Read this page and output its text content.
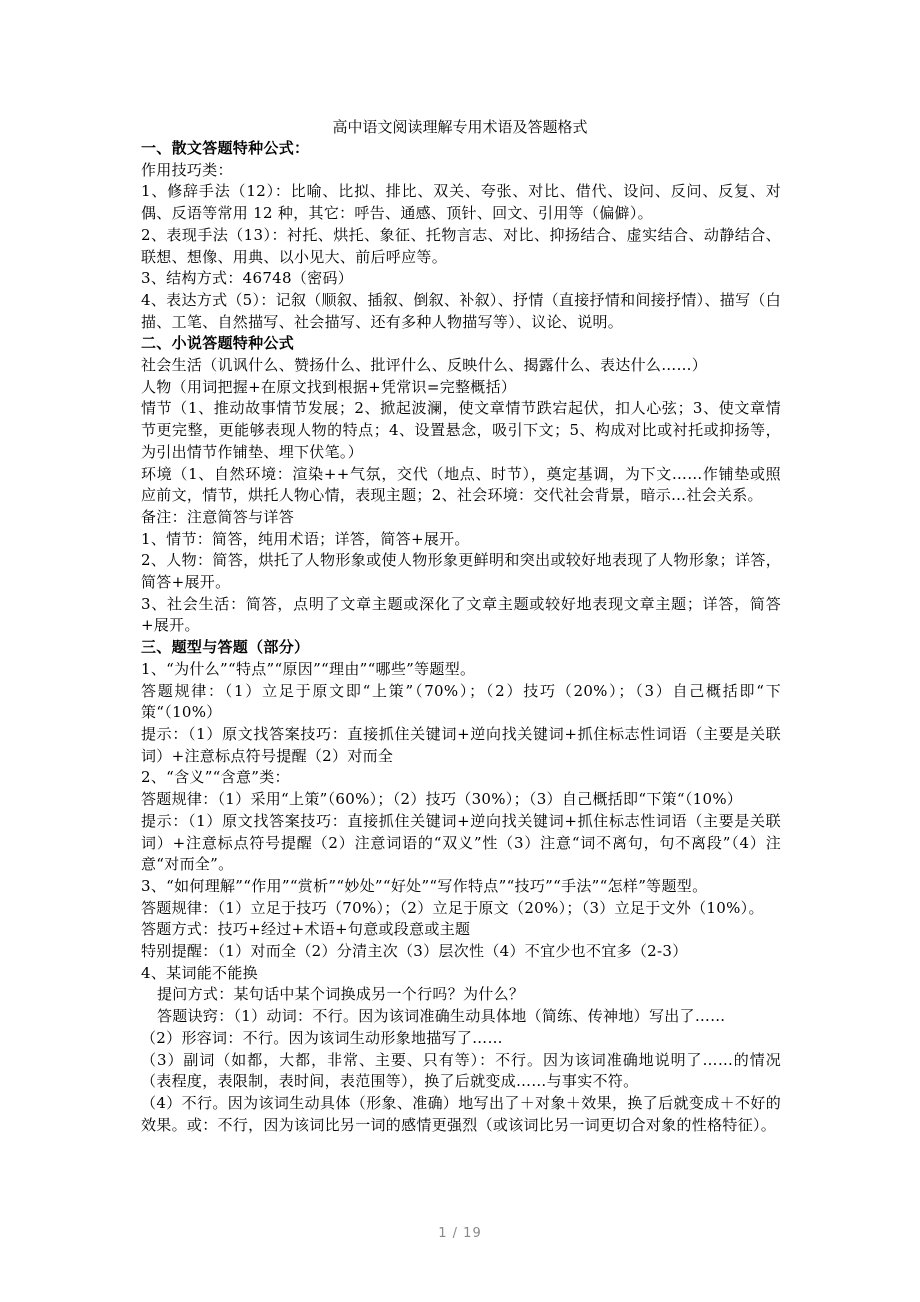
高中语文阅读理解专用术语及答题格式

一、散文答题特种公式：

作用技巧类：

1、修辞手法（12）：比喻、比拟、排比、双关、夸张、对比、借代、设问、反问、反复、对偶、反语等常用 12 种，其它：呼告、通感、顶针、回文、引用等（偏僻）。

2、表现手法（13）：衬托、烘托、象征、托物言志、对比、抑扬结合、虚实结合、动静结合、联想、想像、用典、以小见大、前后呼应等。

3、结构方式：46748（密码）

4、表达方式（5）：记叙（顺叙、插叙、倒叙、补叙）、抒情（直接抒情和间接抒情）、描写（白描、工笔、自然描写、社会描写、还有多种人物描写等）、议论、说明。

二、小说答题特种公式

社会生活（讥讽什么、赞扬什么、批评什么、反映什么、揭露什么、表达什么……）

人物（用词把握+在原文找到根据+凭常识=完整概括）

情节（1、推动故事情节发展；2、掀起波澜，使文章情节跌宕起伏，扣人心弦；3、使文章情节更完整，更能够表现人物的特点；4、设置悬念，吸引下文；5、构成对比或衬托或抑扬等，为引出情节作铺垫、埋下伏笔。）

环境（1、自然环境：渲染++气氛，交代（地点、时节），奠定基调，为下文……作铺垫或照应前文，情节，烘托人物心情，表现主题；2、社会环境：交代社会背景，暗示…社会关系。

备注：注意简答与详答

1、情节：简答，纯用术语；详答，简答+展开。

2、人物：简答，烘托了人物形象或使人物形象更鲜明和突出或较好地表现了人物形象；详答，简答+展开。

3、社会生活：简答，点明了文章主题或深化了文章主题或较好地表现文章主题；详答，简答+展开。

三、题型与答题（部分）

1、“为什么”“特点”“原因”“理由”“哪些”等题型。

答题规律：（1）立足于原文即“上策”（70%）；（2）技巧（20%）；（3）自己概括即“下策“（10%）

提示：（1）原文找答案技巧：直接抓住关键词+逆向找关键词+抓住标志性词语（主要是关联词）+注意标点符号提醒（2）对而全

2、“含义”“含意”类：

答题规律：（1）采用“上策”（60%）；（2）技巧（30%）；（3）自己概括即“下策“（10%）

提示：（1）原文找答案技巧：直接抓住关键词+逆向找关键词+抓住标志性词语（主要是关联词）+注意标点符号提醒（2）注意词语的“双义”性（3）注意“词不离句，句不离段”（4）注意“对而全”。

3、“如何理解”“作用”“赏析”“妙处”“好处”“写作特点”“技巧”“手法”“怎样”等题型。

答题规律：（1）立足于技巧（70%）；（2）立足于原文（20%）；（3）立足于文外（10%）。

答题方式：技巧+经过+术语+句意或段意或主题

特别提醒：（1）对而全（2）分清主次（3）层次性（4）不宜少也不宜多（2-3）

4、某词能不能换

提问方式：某句话中某个词换成另一个行吗？为什么？

答题诀窍：（1）动词：不行。因为该词准确生动具体地（简练、传神地）写出了……

（2）形容词：不行。因为该词生动形象地描写了……

（3）副词（如都，大都，非常、主要、只有等）：不行。因为该词准确地说明了……的情况（表程度，表限制，表时间，表范围等），换了后就变成……与事实不符。

（4）不行。因为该词生动具体（形象、准确）地写出了＋对象＋效果，换了后就变成＋不好的效果。或：不行，因为该词比另一词的感情更强烈（或该词比另一词更切合对象的性格特征）。

1 / 19
